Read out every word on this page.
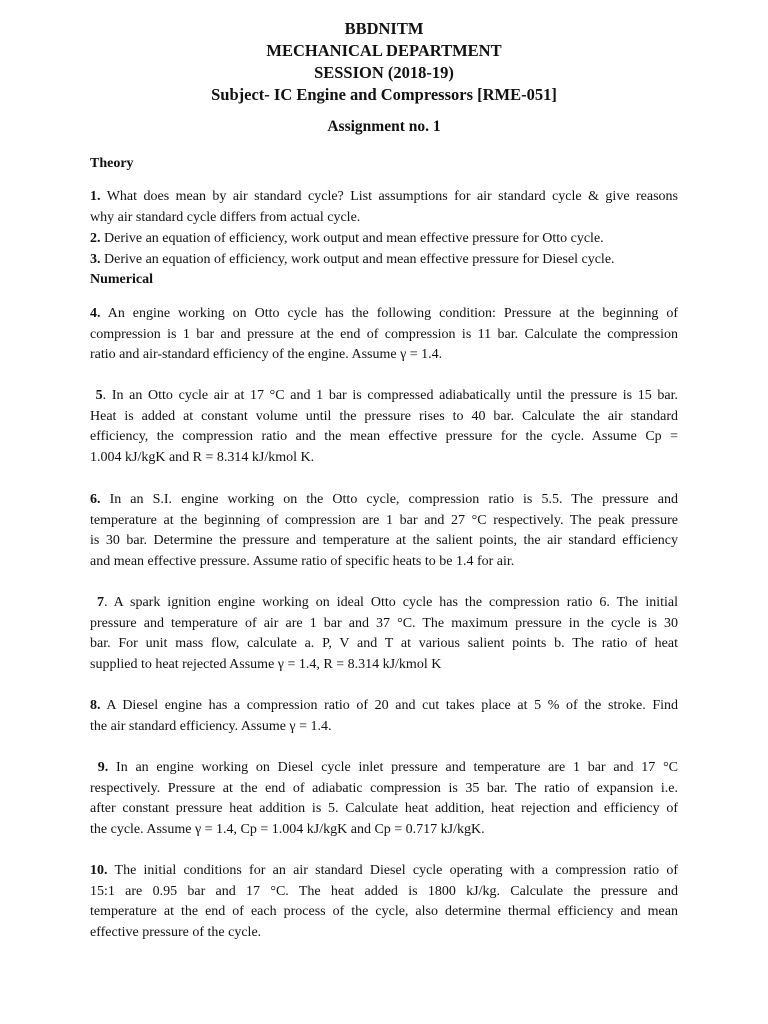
BBDNITM
MECHANICAL DEPARTMENT
SESSION (2018-19)
Subject- IC Engine and Compressors [RME-051]
Assignment no. 1
Theory
1. What does mean by air standard cycle? List assumptions for air standard cycle & give reasons
why air standard cycle differs from actual cycle.
2. Derive an equation of efficiency, work output and mean effective pressure for Otto cycle.
3. Derive an equation of efficiency, work output and mean effective pressure for Diesel cycle.
Numerical
4. An engine working on Otto cycle has the following condition: Pressure at the beginning of
compression is 1 bar and pressure at the end of compression is 11 bar. Calculate the compression
ratio and air-standard efficiency of the engine. Assume γ = 1.4.
5. In an Otto cycle air at 17 °C and 1 bar is compressed adiabatically until the pressure is 15 bar.
Heat is added at constant volume until the pressure rises to 40 bar. Calculate the air standard
efficiency, the compression ratio and the mean effective pressure for the cycle. Assume Cp =
1.004 kJ/kgK and R = 8.314 kJ/kmol K.
6. In an S.I. engine working on the Otto cycle, compression ratio is 5.5. The pressure and
temperature at the beginning of compression are 1 bar and 27 °C respectively. The peak pressure
is 30 bar. Determine the pressure and temperature at the salient points, the air standard efficiency
and mean effective pressure. Assume ratio of specific heats to be 1.4 for air.
7. A spark ignition engine working on ideal Otto cycle has the compression ratio 6. The initial
pressure and temperature of air are 1 bar and 37 °C. The maximum pressure in the cycle is 30
bar. For unit mass flow, calculate a. P, V and T at various salient points b. The ratio of heat
supplied to heat rejected Assume γ = 1.4, R = 8.314 kJ/kmol K
8. A Diesel engine has a compression ratio of 20 and cut takes place at 5 % of the stroke. Find
the air standard efficiency. Assume γ = 1.4.
9. In an engine working on Diesel cycle inlet pressure and temperature are 1 bar and 17 °C
respectively. Pressure at the end of adiabatic compression is 35 bar. The ratio of expansion i.e.
after constant pressure heat addition is 5. Calculate heat addition, heat rejection and efficiency of
the cycle. Assume γ = 1.4, Cp = 1.004 kJ/kgK and Cp = 0.717 kJ/kgK.
10. The initial conditions for an air standard Diesel cycle operating with a compression ratio of
15:1 are 0.95 bar and 17 °C. The heat added is 1800 kJ/kg. Calculate the pressure and
temperature at the end of each process of the cycle, also determine thermal efficiency and mean
effective pressure of the cycle.
